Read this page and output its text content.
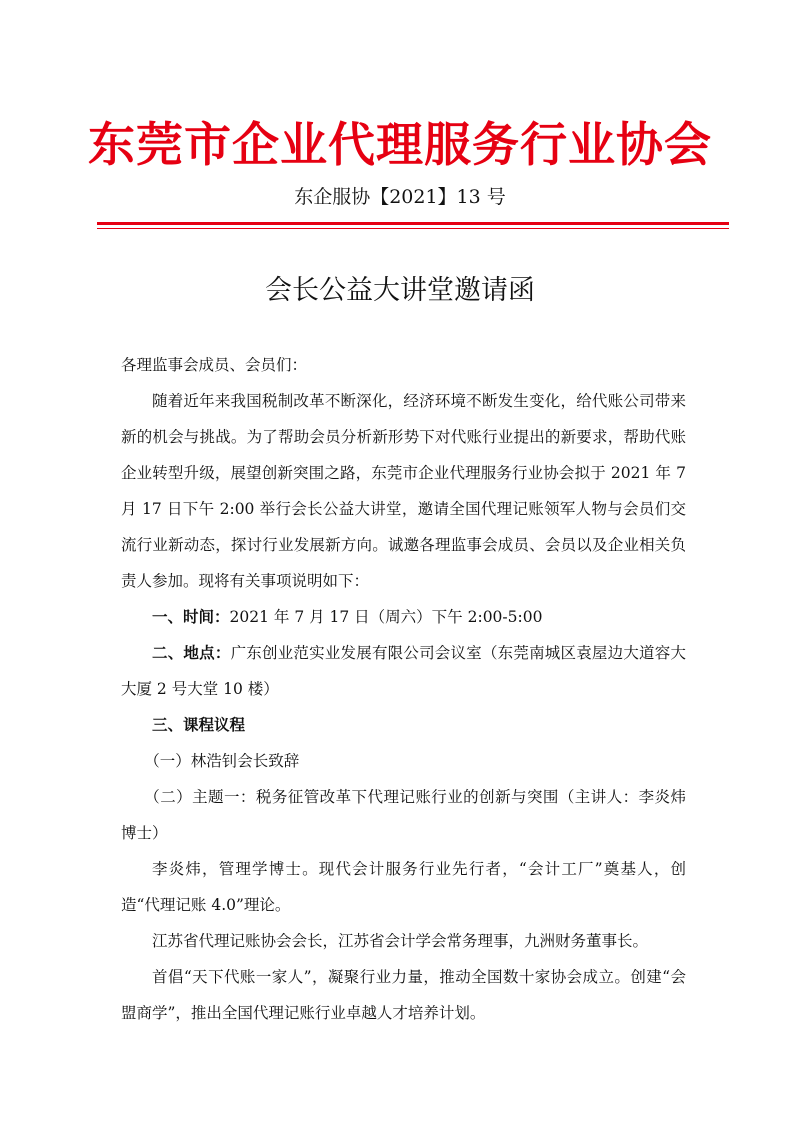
东莞市企业代理服务行业协会
东企服协【2021】13 号
会长公益大讲堂邀请函

各理监事会成员、会员们：

随着近年来我国税制改革不断深化，经济环境不断发生变化，给代账公司带来新的机会与挑战。为了帮助会员分析新形势下对代账行业提出的新要求，帮助代账企业转型升级，展望创新突围之路，东莞市企业代理服务行业协会拟于 2021 年 7 月 17 日下午 2:00 举行会长公益大讲堂，邀请全国代理记账领军人物与会员们交流行业新动态，探讨行业发展新方向。诚邀各理监事会成员、会员以及企业相关负责人参加。现将有关事项说明如下：

一、时间：2021 年 7 月 17 日（周六）下午 2:00-5:00

二、地点：广东创业范实业发展有限公司会议室（东莞南城区袁屋边大道容大大厦 2 号大堂 10 楼）

三、课程议程

（一）林浩钊会长致辞

（二）主题一：税务征管改革下代理记账行业的创新与突围（主讲人：李炎炜博士）

李炎炜，管理学博士。现代会计服务行业先行者，“会计工厂”奠基人，创造“代理记账 4.0”理论。

江苏省代理记账协会会长，江苏省会计学会常务理事，九洲财务董事长。

首倡“天下代账一家人”，凝聚行业力量，推动全国数十家协会成立。创建“会盟商学”，推出全国代理记账行业卓越人才培养计划。
